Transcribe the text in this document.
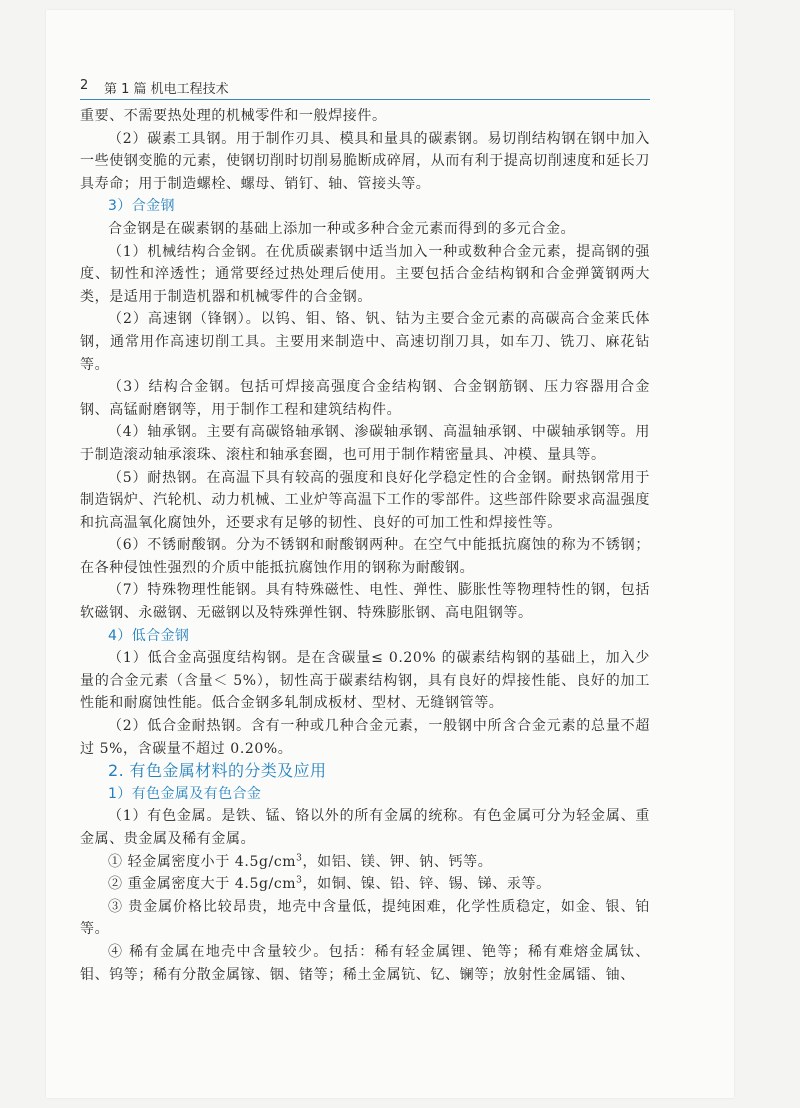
2 第 1 篇 机电工程技术

重要、不需要热处理的机械零件和一般焊接件。

（2）碳素工具钢。用于制作刃具、模具和量具的碳素钢。易切削结构钢在钢中加入一些使钢变脆的元素，使钢切削时切削易脆断成碎屑，从而有利于提高切削速度和延长刀具寿命；用于制造螺栓、螺母、销钉、轴、管接头等。

3）合金钢

合金钢是在碳素钢的基础上添加一种或多种合金元素而得到的多元合金。

（1）机械结构合金钢。在优质碳素钢中适当加入一种或数种合金元素，提高钢的强度、韧性和淬透性；通常要经过热处理后使用。主要包括合金结构钢和合金弹簧钢两大类，是适用于制造机器和机械零件的合金钢。

（2）高速钢（锋钢）。以钨、钼、铬、钒、钴为主要合金元素的高碳高合金莱氏体钢，通常用作高速切削工具。主要用来制造中、高速切削刀具，如车刀、铣刀、麻花钻等。

（3）结构合金钢。包括可焊接高强度合金结构钢、合金钢筋钢、压力容器用合金钢、高锰耐磨钢等，用于制作工程和建筑结构件。

（4）轴承钢。主要有高碳铬轴承钢、渗碳轴承钢、高温轴承钢、中碳轴承钢等。用于制造滚动轴承滚珠、滚柱和轴承套圈，也可用于制作精密量具、冲模、量具等。

（5）耐热钢。在高温下具有较高的强度和良好化学稳定性的合金钢。耐热钢常用于制造锅炉、汽轮机、动力机械、工业炉等高温下工作的零部件。这些部件除要求高温强度和抗高温氧化腐蚀外，还要求有足够的韧性、良好的可加工性和焊接性等。

（6）不锈耐酸钢。分为不锈钢和耐酸钢两种。在空气中能抵抗腐蚀的称为不锈钢；在各种侵蚀性强烈的介质中能抵抗腐蚀作用的钢称为耐酸钢。

（7）特殊物理性能钢。具有特殊磁性、电性、弹性、膨胀性等物理特性的钢，包括软磁钢、永磁钢、无磁钢以及特殊弹性钢、特殊膨胀钢、高电阻钢等。

4）低合金钢

（1）低合金高强度结构钢。是在含碳量≤ 0.20% 的碳素结构钢的基础上，加入少量的合金元素（含量＜ 5%），韧性高于碳素结构钢，具有良好的焊接性能、良好的加工性能和耐腐蚀性能。低合金钢多轧制成板材、型材、无缝钢管等。

（2）低合金耐热钢。含有一种或几种合金元素，一般钢中所含合金元素的总量不超过 5%，含碳量不超过 0.20%。

2. 有色金属材料的分类及应用

1）有色金属及有色合金

（1）有色金属。是铁、锰、铬以外的所有金属的统称。有色金属可分为轻金属、重金属、贵金属及稀有金属。

① 轻金属密度小于 $4.5g/cm^3$，如铝、镁、钾、钠、钙等。

② 重金属密度大于 $4.5g/cm^3$，如铜、镍、铅、锌、锡、锑、汞等。

③ 贵金属价格比较昂贵，地壳中含量低，提纯困难，化学性质稳定，如金、银、铂等。

④ 稀有金属在地壳中含量较少。包括：稀有轻金属锂、铯等；稀有难熔金属钛、钼、钨等；稀有分散金属镓、铟、锗等；稀土金属钪、钇、镧等；放射性金属镭、铀、
